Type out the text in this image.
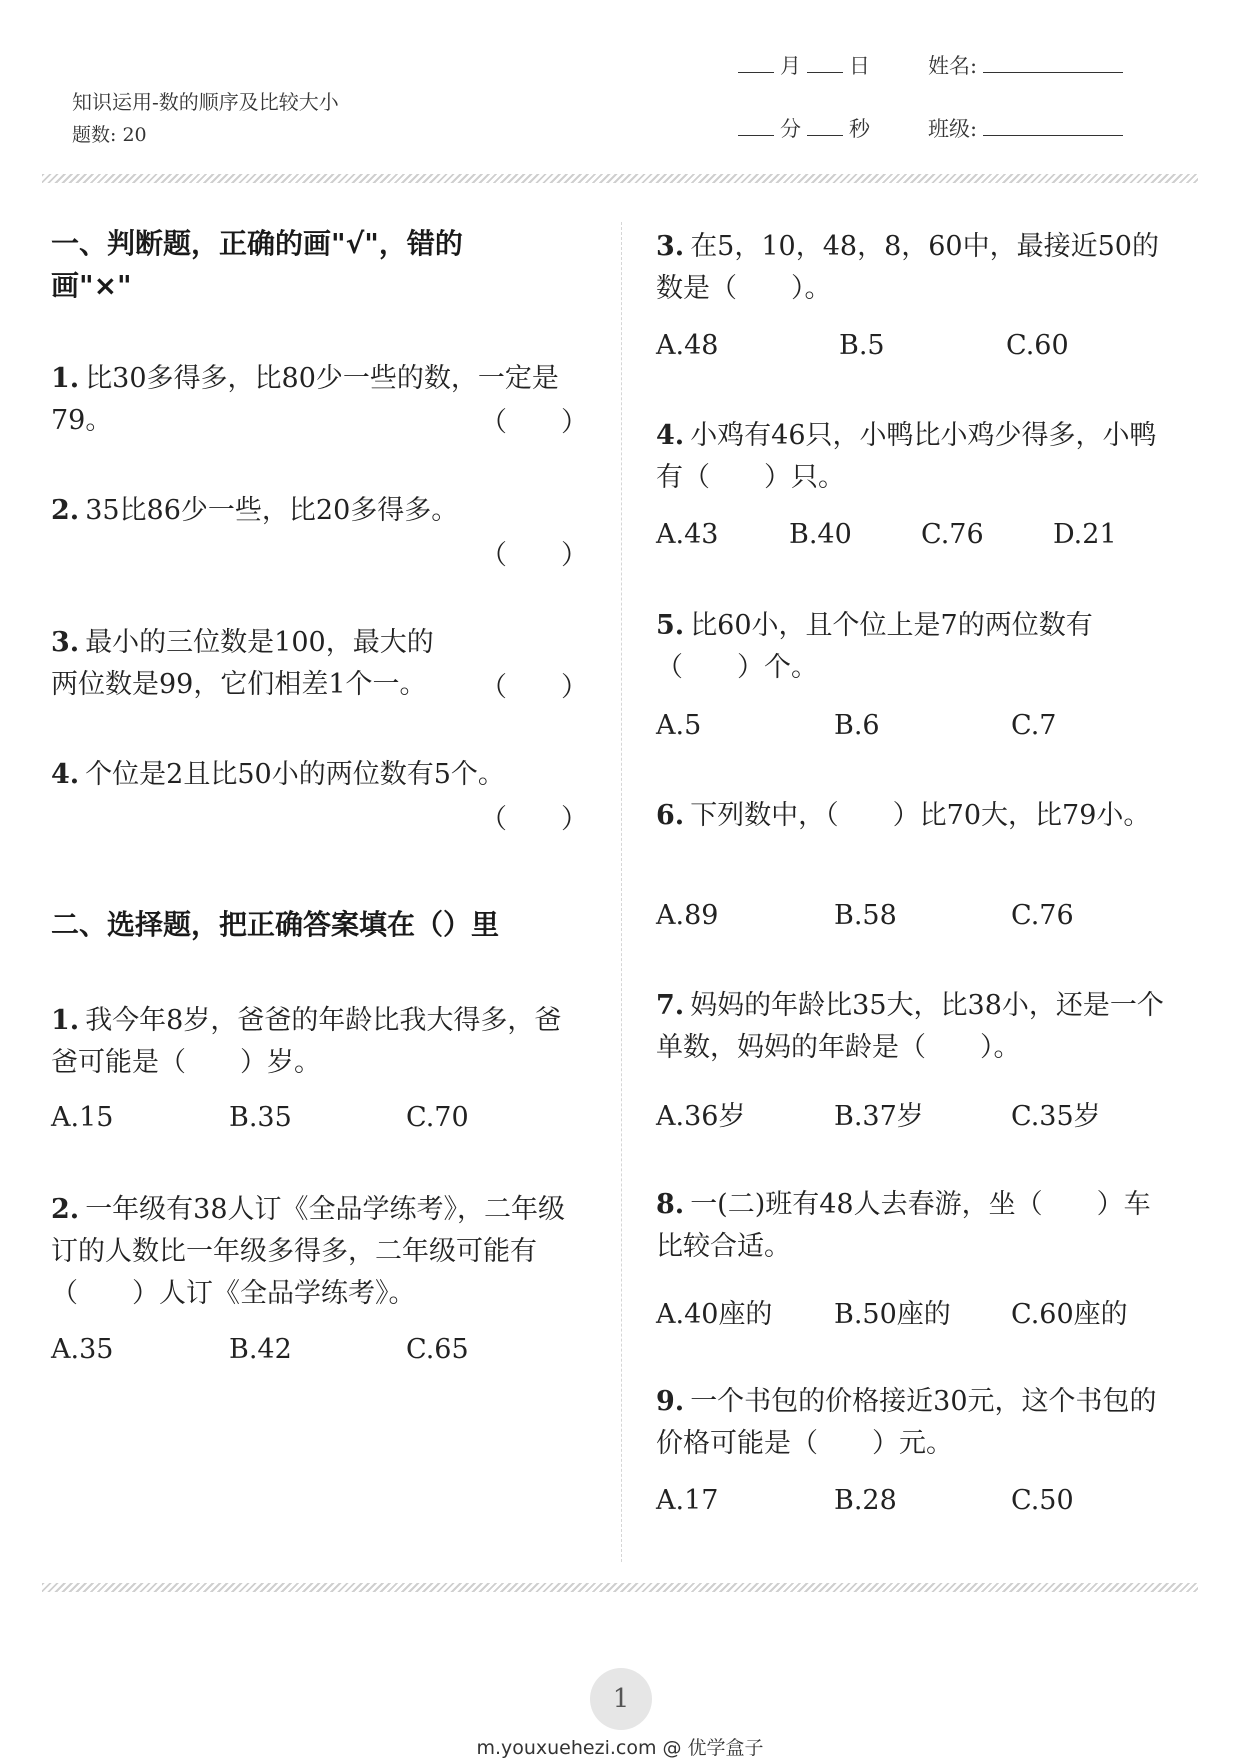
知识运用-数的顺序及比较大小
题数: 20
月 日	姓名:
分 秒	班级:
一、判断题，正确的画"√"，错的画"×"
1. 比30多得多，比80少一些的数，一定是79。	（　　）
2. 35比86少一些，比20多得多。
（　　）
3. 最小的三位数是100，最大的两位数是99，它们相差1个一。	（　　）
4. 个位是2且比50小的两位数有5个。
（　　）
二、选择题，把正确答案填在（）里
1. 我今年8岁，爸爸的年龄比我大得多，爸爸可能是（　　）岁。
A.15	B.35	C.70
2. 一年级有38人订《全品学练考》，二年级订的人数比一年级多得多，二年级可能有（　　）人订《全品学练考》。
A.35	B.42	C.65
3. 在5，10，48，8，60中，最接近50的数是（　　）。
A.48	B.5	C.60
4. 小鸡有46只，小鸭比小鸡少得多，小鸭有（　　）只。
A.43	B.40	C.76	D.21
5. 比60小，且个位上是7的两位数有（　　）个。
A.5	B.6	C.7
6. 下列数中，（　　）比70大，比79小。
A.89	B.58	C.76
7. 妈妈的年龄比35大，比38小，还是一个单数，妈妈的年龄是（　　）。
A.36岁	B.37岁	C.35岁
8. 一(二)班有48人去春游，坐（　　）车比较合适。
A.40座的 B.50座的 C.60座的
9. 一个书包的价格接近30元，这个书包的价格可能是（　　）元。
A.17	B.28	C.50
1
m.youxuehezi.com @ 优学盒子
